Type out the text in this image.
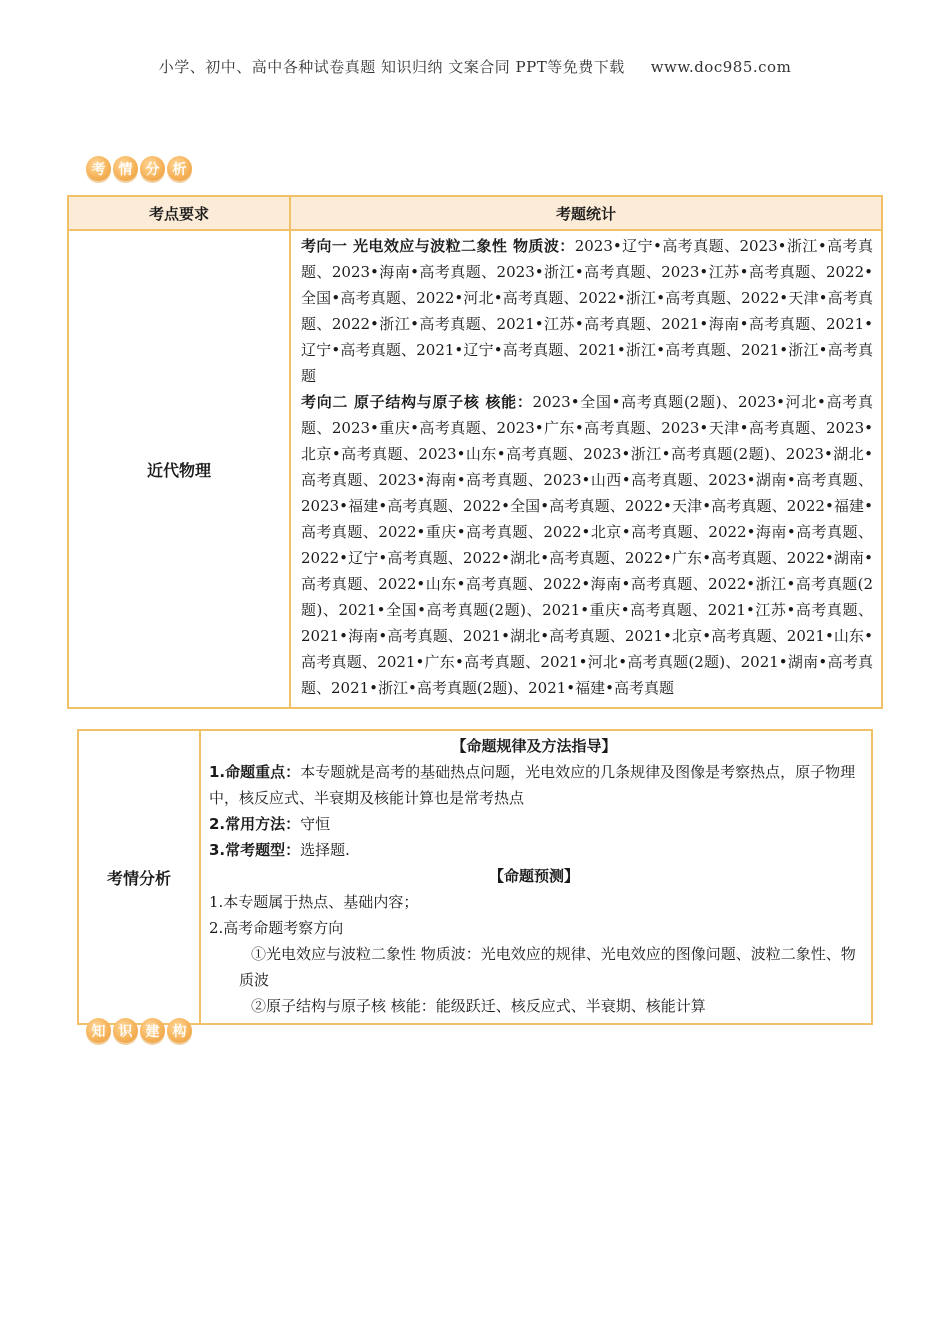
小学、初中、高中各种试卷真题 知识归纳 文案合同 PPT等免费下载 www.doc985.com
考 情 分 析
考点要求	考题统计
近代物理	考向一 光电效应与波粒二象性 物质波：2023•辽宁•高考真题、2023•浙江•高考真题、2023•海南•高考真题、2023•浙江•高考真题、2023•江苏•高考真题、2022•全国•高考真题、2022•河北•高考真题、2022•浙江•高考真题、2022•天津•高考真题、2022•浙江•高考真题、2021•江苏•高考真题、2021•海南•高考真题、2021•辽宁•高考真题、2021•辽宁•高考真题、2021•浙江•高考真题、2021•浙江•高考真题
考向二 原子结构与原子核 核能：2023•全国•高考真题(2题)、2023•河北•高考真题、2023•重庆•高考真题、2023•广东•高考真题、2023•天津•高考真题、2023•北京•高考真题、2023•山东•高考真题、2023•浙江•高考真题(2题)、2023•湖北•高考真题、2023•海南•高考真题、2023•山西•高考真题、2023•湖南•高考真题、2023•福建•高考真题、2022•全国•高考真题、2022•天津•高考真题、2022•福建•高考真题、2022•重庆•高考真题、2022•北京•高考真题、2022•海南•高考真题、2022•辽宁•高考真题、2022•湖北•高考真题、2022•广东•高考真题、2022•湖南•高考真题、2022•山东•高考真题、2022•海南•高考真题、2022•浙江•高考真题(2题)、2021•全国•高考真题(2题)、2021•重庆•高考真题、2021•江苏•高考真题、2021•海南•高考真题、2021•湖北•高考真题、2021•北京•高考真题、2021•山东•高考真题、2021•广东•高考真题、2021•河北•高考真题(2题)、2021•湖南•高考真题、2021•浙江•高考真题(2题)、2021•福建•高考真题
考情分析	
【命题规律及方法指导】
1.命题重点：本专题就是高考的基础热点问题，光电效应的几条规律及图像是考察热点，原子物理中，核反应式、半衰期及核能计算也是常考热点
2.常用方法：守恒
3.常考题型：选择题.
【命题预测】
1.本专题属于热点、基础内容；
2.高考命题考察方向
①光电效应与波粒二象性 物质波：光电效应的规律、光电效应的图像问题、波粒二象性、物质波
②原子结构与原子核 核能：能级跃迁、核反应式、半衰期、核能计算
知 识 建 构
